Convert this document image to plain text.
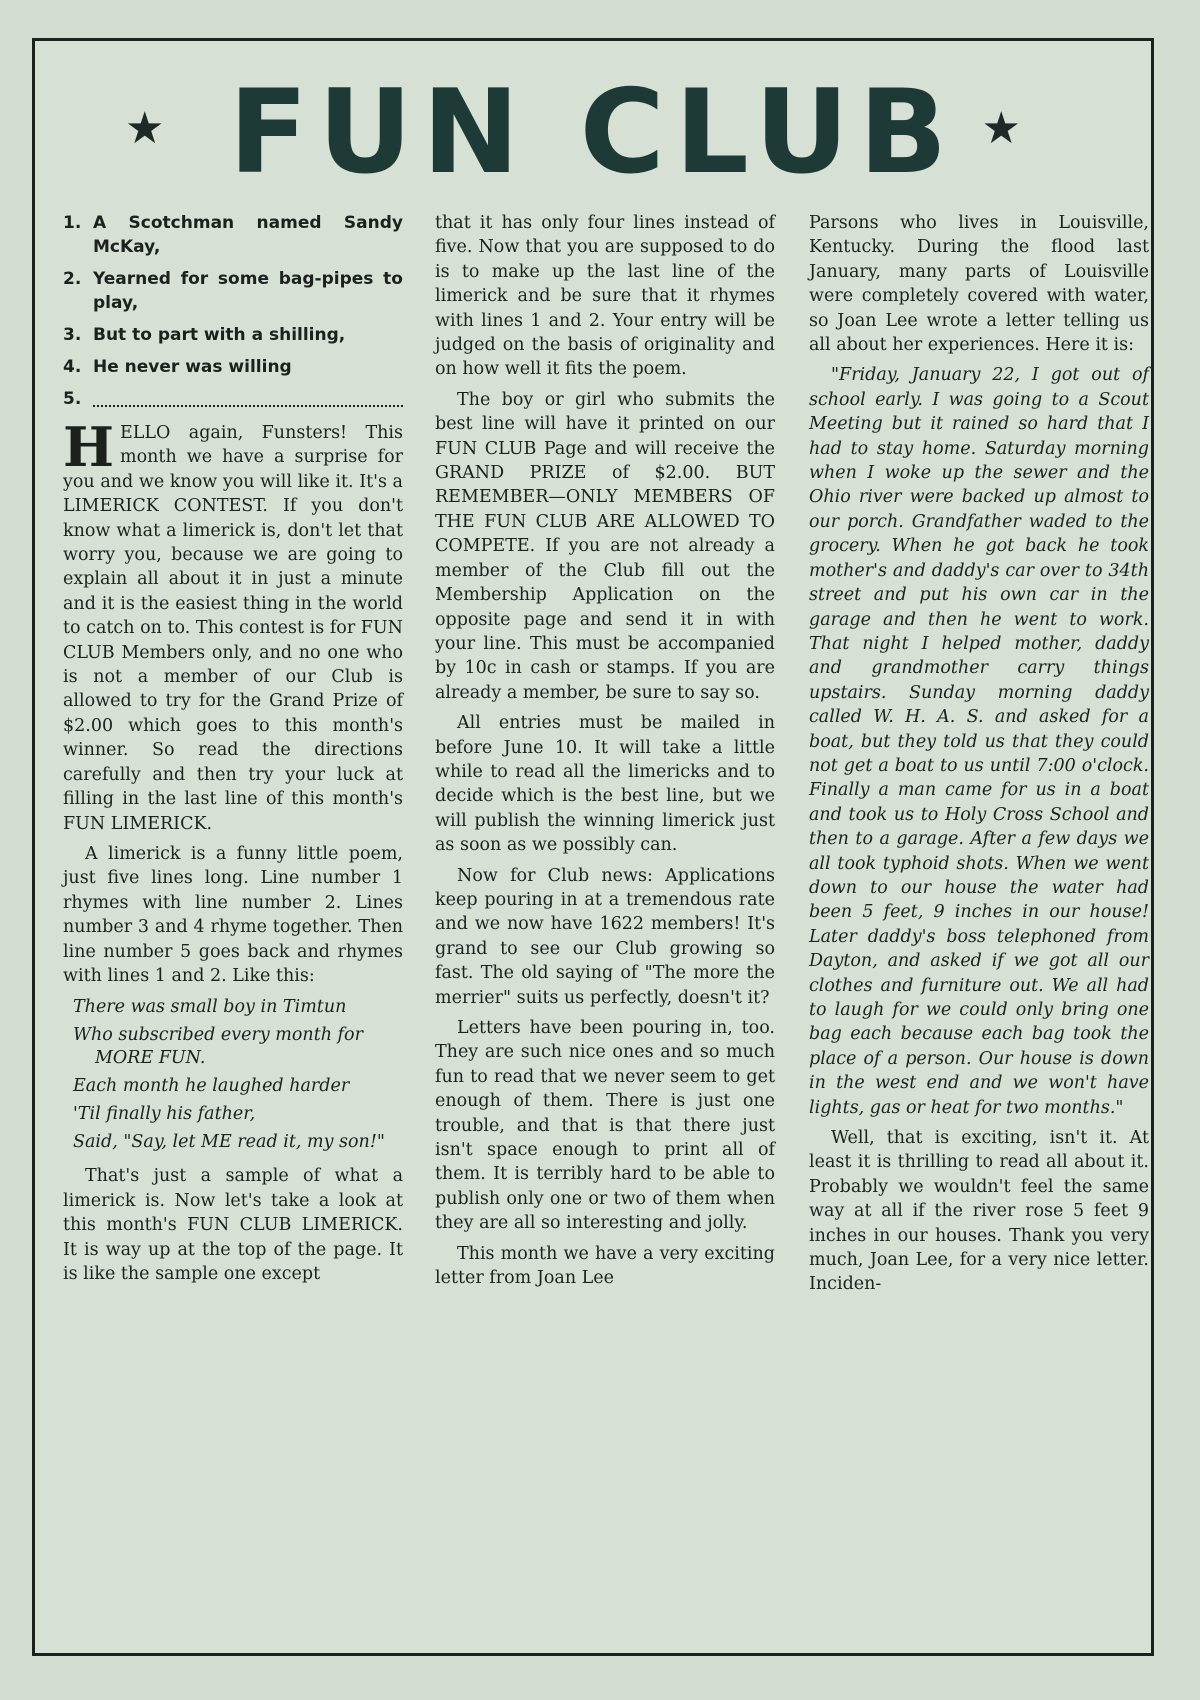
★ FUN CLUB ★
1. A Scotchman named Sandy McKay,
2. Yearned for some bag-pipes to play,
3. But to part with a shilling,
4. He never was willing
5.

HELLO again, Funsters! This month we have a surprise for you and we know you will like it. It's a LIMERICK CONTEST. If you don't know what a limerick is, don't let that worry you, because we are going to explain all about it in just a minute and it is the easiest thing in the world to catch on to. This contest is for FUN CLUB Members only, and no one who is not a member of our Club is allowed to try for the Grand Prize of $2.00 which goes to this month's winner. So read the directions carefully and then try your luck at filling in the last line of this month's FUN LIMERICK.

A limerick is a funny little poem, just five lines long. Line number 1 rhymes with line number 2. Lines number 3 and 4 rhyme together. Then line number 5 goes back and rhymes with lines 1 and 2. Like this:

There was small boy in Timtun
Who subscribed every month for MORE FUN.
Each month he laughed harder
'Til finally his father,
Said, "Say, let ME read it, my son!"

That's just a sample of what a limerick is. Now let's take a look at this month's FUN CLUB LIMERICK. It is way up at the top of the page. It is like the sample one except

that it has only four lines instead of five. Now that you are supposed to do is to make up the last line of the limerick and be sure that it rhymes with lines 1 and 2. Your entry will be judged on the basis of originality and on how well it fits the poem.

The boy or girl who submits the best line will have it printed on our FUN CLUB Page and will receive the GRAND PRIZE of $2.00. BUT REMEMBER—ONLY MEMBERS OF THE FUN CLUB ARE ALLOWED TO COMPETE. If you are not already a member of the Club fill out the Membership Application on the opposite page and send it in with your line. This must be accompanied by 10c in cash or stamps. If you are already a member, be sure to say so.

All entries must be mailed in before June 10. It will take a little while to read all the limericks and to decide which is the best line, but we will publish the winning limerick just as soon as we possibly can.

Now for Club news: Applications keep pouring in at a tremendous rate and we now have 1622 members! It's grand to see our Club growing so fast. The old saying of "The more the merrier" suits us perfectly, doesn't it?

Letters have been pouring in, too. They are such nice ones and so much fun to read that we never seem to get enough of them. There is just one trouble, and that is that there just isn't space enough to print all of them. It is terribly hard to be able to publish only one or two of them when they are all so interesting and jolly.

This month we have a very exciting letter from Joan Lee

Parsons who lives in Louisville, Kentucky. During the flood last January, many parts of Louisville were completely covered with water, so Joan Lee wrote a letter telling us all about her experiences. Here it is:

"Friday, January 22, I got out of school early. I was going to a Scout Meeting but it rained so hard that I had to stay home. Saturday morning when I woke up the sewer and the Ohio river were backed up almost to our porch. Grandfather waded to the grocery. When he got back he took mother's and daddy's car over to 34th street and put his own car in the garage and then he went to work. That night I helped mother, daddy and grandmother carry things upstairs. Sunday morning daddy called W. H. A. S. and asked for a boat, but they told us that they could not get a boat to us until 7:00 o'clock. Finally a man came for us in a boat and took us to Holy Cross School and then to a garage. After a few days we all took typhoid shots. When we went down to our house the water had been 5 feet, 9 inches in our house! Later daddy's boss telephoned from Dayton, and asked if we got all our clothes and furniture out. We all had to laugh for we could only bring one bag each because each bag took the place of a person. Our house is down in the west end and we won't have lights, gas or heat for two months."

Well, that is exciting, isn't it. At least it is thrilling to read all about it. Probably we wouldn't feel the same way at all if the river rose 5 feet 9 inches in our houses. Thank you very much, Joan Lee, for a very nice letter. Inciden-
